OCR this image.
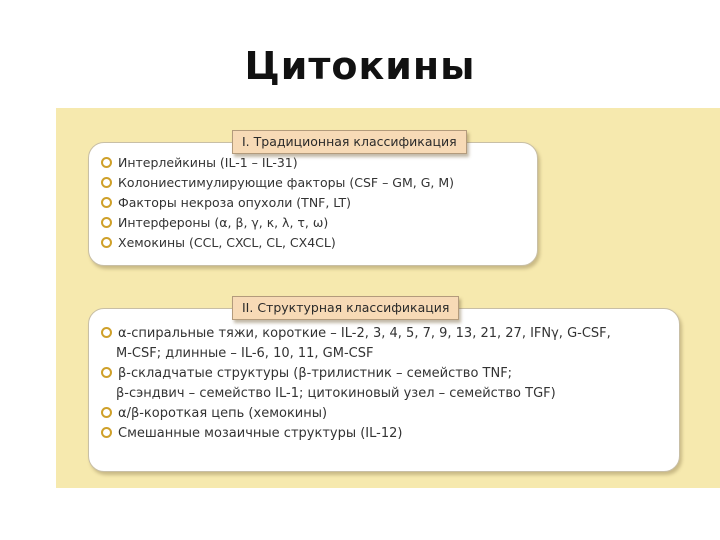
Цитокины
Интерлейкины (IL-1 – IL-31)
Колониестимулирующие факторы (CSF – GM, G, M)
Факторы некроза опухоли (TNF, LT)
Интерфероны (α, β, γ, κ, λ, τ, ω)
Хемокины (CCL, CXCL, CL, CX4CL)
I. Традиционная классификация
α-спиральные тяжи, короткие – IL-2, 3, 4, 5, 7, 9, 13, 21, 27, IFNγ, G-CSF,
M-CSF; длинные – IL-6, 10, 11, GM-CSF
β-складчатые структуры (β-трилистник – семейство TNF;
β-сэндвич – семейство IL-1; цитокиновый узел – семейство TGF)
α/β-короткая цепь (хемокины)
Смешанные мозаичные структуры (IL-12)
II. Структурная классификация
